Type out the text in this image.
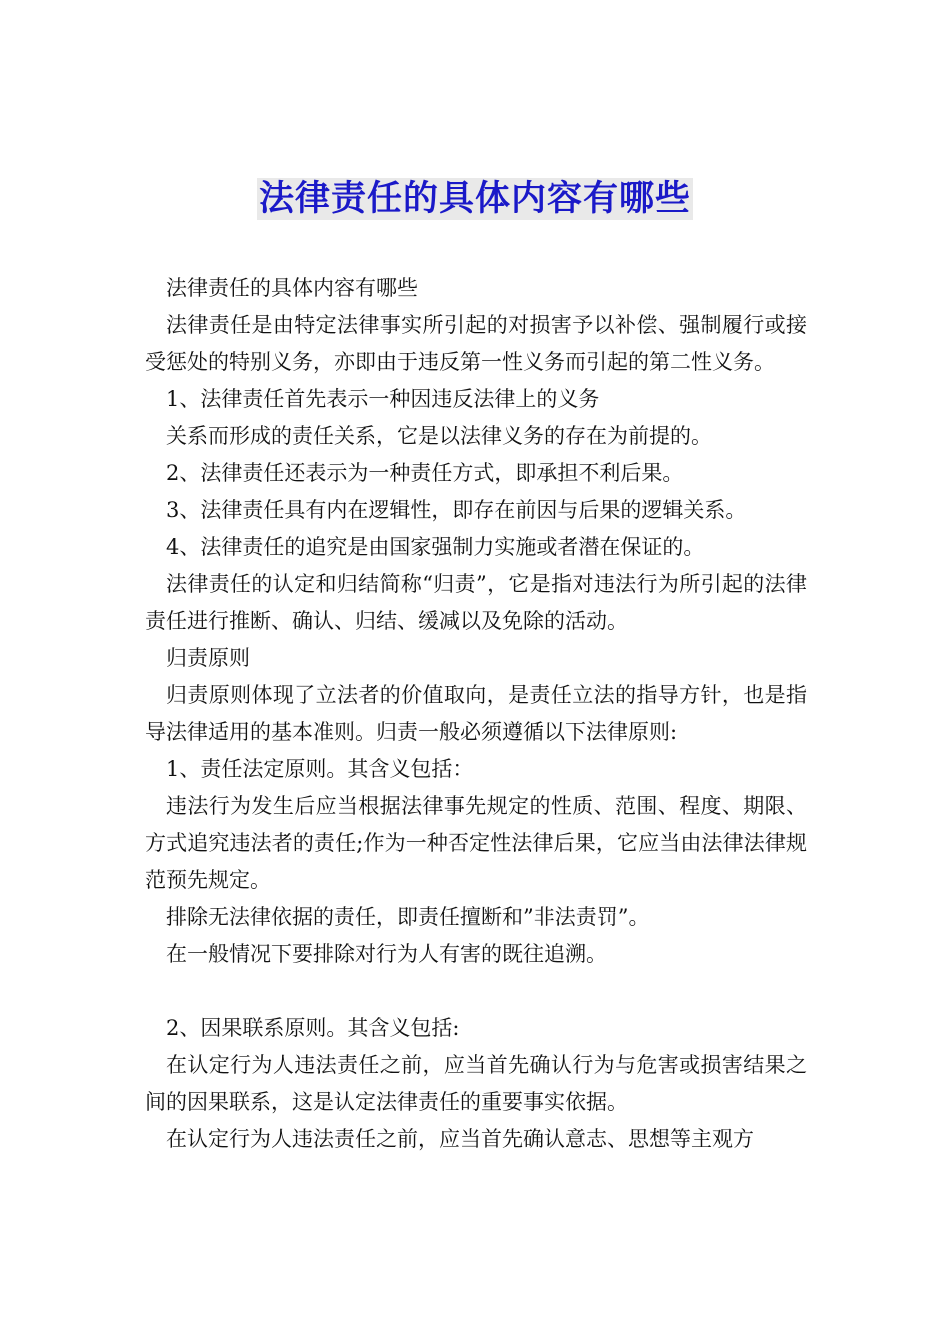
法律责任的具体内容有哪些

法律责任的具体内容有哪些

法律责任是由特定法律事实所引起的对损害予以补偿、强制履行或接受惩处的特别义务，亦即由于违反第一性义务而引起的第二性义务。

1、法律责任首先表示一种因违反法律上的义务

关系而形成的责任关系，它是以法律义务的存在为前提的。

2、法律责任还表示为一种责任方式，即承担不利后果。

3、法律责任具有内在逻辑性，即存在前因与后果的逻辑关系。

4、法律责任的追究是由国家强制力实施或者潜在保证的。

法律责任的认定和归结简称“归责”，它是指对违法行为所引起的法律责任进行推断、确认、归结、缓减以及免除的活动。

归责原则

归责原则体现了立法者的价值取向，是责任立法的指导方针，也是指导法律适用的基本准则。归责一般必须遵循以下法律原则:

1、责任法定原则。其含义包括：

违法行为发生后应当根据法律事先规定的性质、范围、程度、期限、方式追究违法者的责任;作为一种否定性法律后果，它应当由法律法律规范预先规定。

排除无法律依据的责任，即责任擅断和”非法责罚”。

在一般情况下要排除对行为人有害的既往追溯。

2、因果联系原则。其含义包括:

在认定行为人违法责任之前，应当首先确认行为与危害或损害结果之间的因果联系，这是认定法律责任的重要事实依据。

在认定行为人违法责任之前，应当首先确认意志、思想等主观方
